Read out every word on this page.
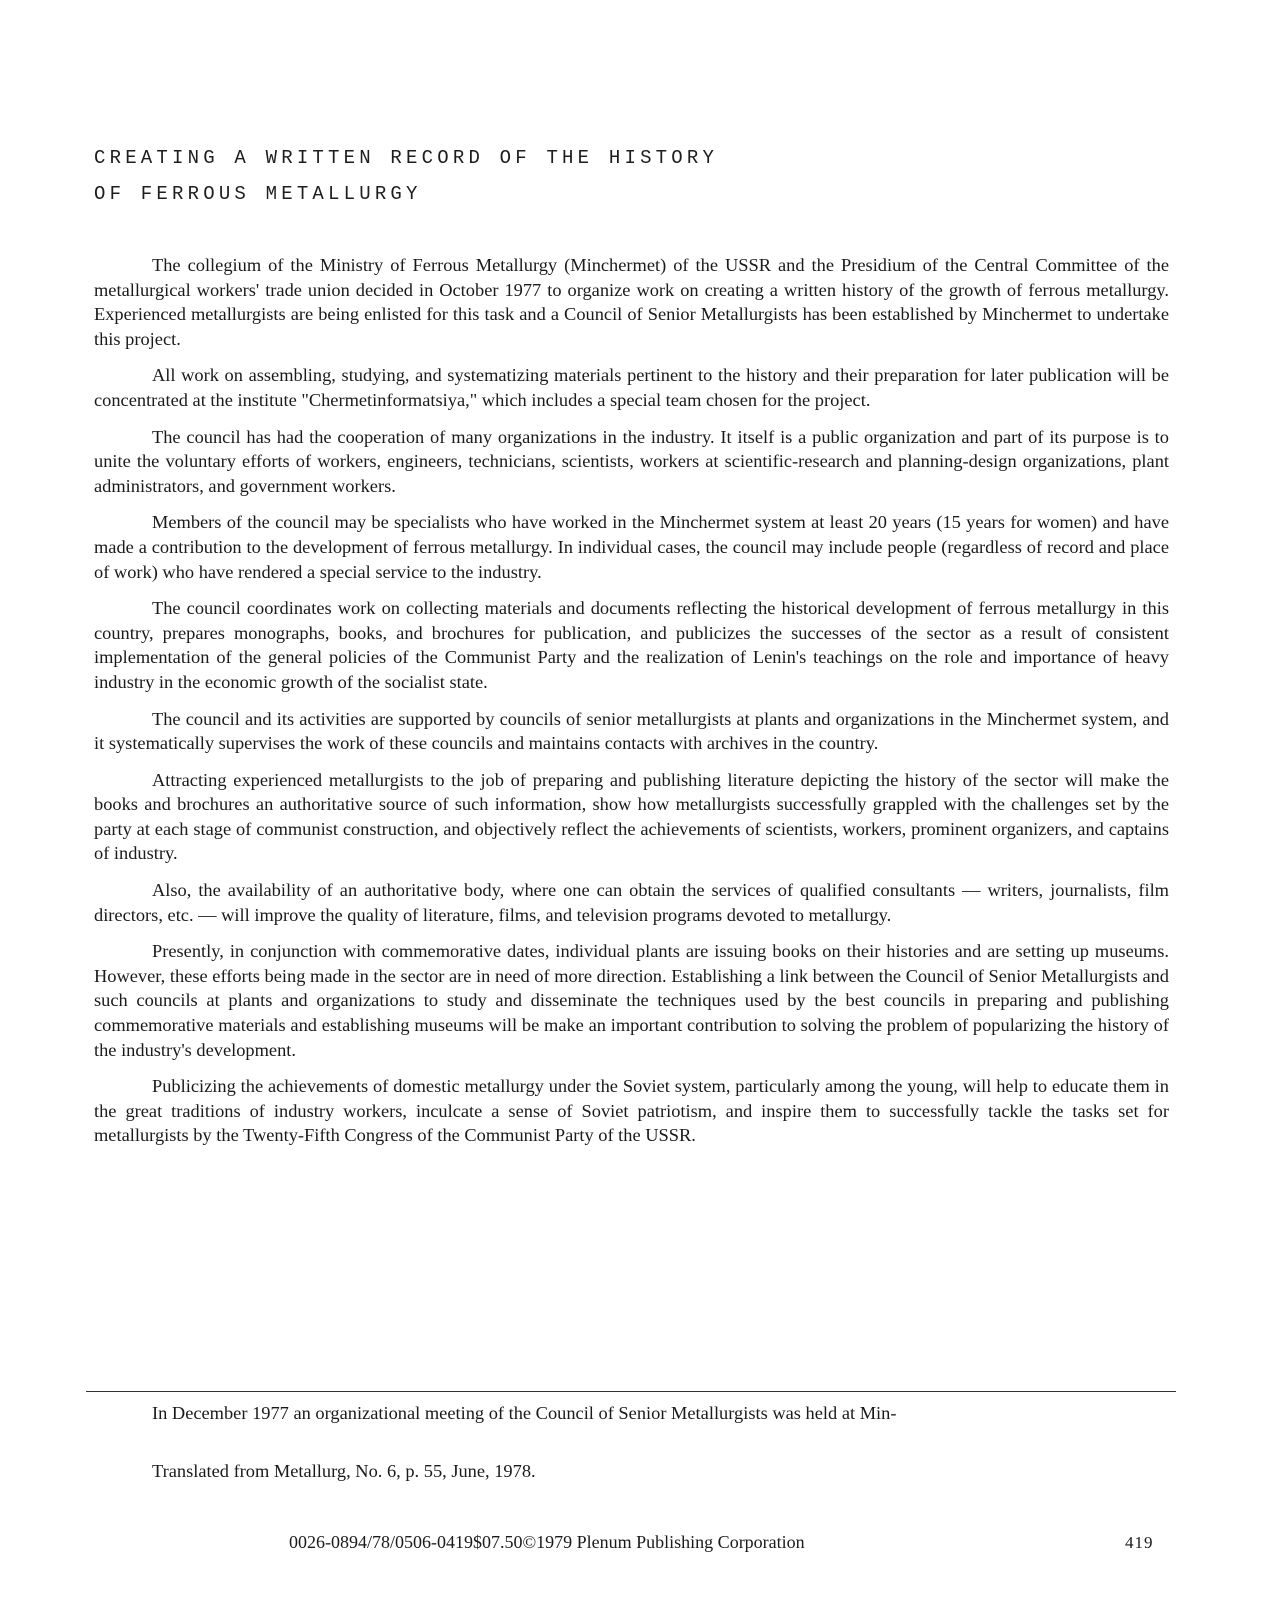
CREATING A WRITTEN RECORD OF THE HISTORY
OF FERROUS METALLURGY

The collegium of the Ministry of Ferrous Metallurgy (Minchermet) of the USSR and the Presidium of the Central Committee of the metallurgical workers' trade union decided in October 1977 to organize work on creating a written history of the growth of ferrous metallurgy. Experienced metallurgists are being enlisted for this task and a Council of Senior Metallurgists has been established by Minchermet to undertake this project.

All work on assembling, studying, and systematizing materials pertinent to the history and their preparation for later publication will be concentrated at the institute "Chermetinformatsiya," which includes a special team chosen for the project.

The council has had the cooperation of many organizations in the industry. It itself is a public organization and part of its purpose is to unite the voluntary efforts of workers, engineers, technicians, scientists, workers at scientific-research and planning-design organizations, plant administrators, and government workers.

Members of the council may be specialists who have worked in the Minchermet system at least 20 years (15 years for women) and have made a contribution to the development of ferrous metallurgy. In individual cases, the council may include people (regardless of record and place of work) who have rendered a special service to the industry.

The council coordinates work on collecting materials and documents reflecting the historical development of ferrous metallurgy in this country, prepares monographs, books, and brochures for publication, and publicizes the successes of the sector as a result of consistent implementation of the general policies of the Communist Party and the realization of Lenin's teachings on the role and importance of heavy industry in the economic growth of the socialist state.

The council and its activities are supported by councils of senior metallurgists at plants and organizations in the Minchermet system, and it systematically supervises the work of these councils and maintains contacts with archives in the country.

Attracting experienced metallurgists to the job of preparing and publishing literature depicting the history of the sector will make the books and brochures an authoritative source of such information, show how metallurgists successfully grappled with the challenges set by the party at each stage of communist construction, and objectively reflect the achievements of scientists, workers, prominent organizers, and captains of industry.

Also, the availability of an authoritative body, where one can obtain the services of qualified consultants — writers, journalists, film directors, etc. — will improve the quality of literature, films, and television programs devoted to metallurgy.

Presently, in conjunction with commemorative dates, individual plants are issuing books on their histories and are setting up museums. However, these efforts being made in the sector are in need of more direction. Establishing a link between the Council of Senior Metallurgists and such councils at plants and organizations to study and disseminate the techniques used by the best councils in preparing and publishing commemorative materials and establishing museums will be make an important contribution to solving the problem of popularizing the history of the industry's development.

Publicizing the achievements of domestic metallurgy under the Soviet system, particularly among the young, will help to educate them in the great traditions of industry workers, inculcate a sense of Soviet patriotism, and inspire them to successfully tackle the tasks set for metallurgists by the Twenty-Fifth Congress of the Communist Party of the USSR.

In December 1977 an organizational meeting of the Council of Senior Metallurgists was held at Min-

Translated from Metallurg, No. 6, p. 55, June, 1978.

0026-0894/78/0506-0419$07.50©1979 Plenum Publishing Corporation	419
